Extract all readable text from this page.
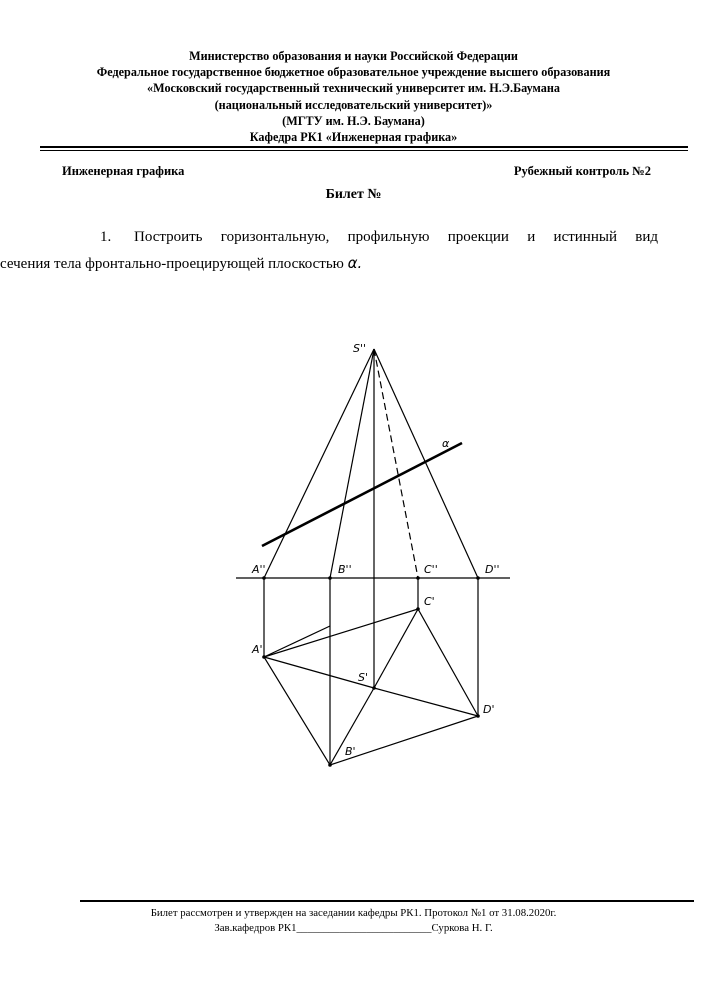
Министерство образования и науки Российской Федерации
Федеральное государственное бюджетное образовательное учреждение высшего образования
«Московский государственный технический университет им. Н.Э.Баумана
(национальный исследовательский университет)»
(МГТУ им. Н.Э. Баумана)
Кафедра РК1 «Инженерная графика»
Инженерная графика	Рубежный контроль №2
Билет №
1. Построить горизонтальную, профильную проекции и истинный вид
сечения тела фронтально-проецирующей плоскостью α.
S''
α
A''	B''	C''	D''
C'
A'
S'
D'
B'
Билет рассмотрен и утвержден на заседании кафедры РК1. Протокол №1 от 31.08.2020г.
Зав.кафедров РК1_________________________Суркова Н. Г.
